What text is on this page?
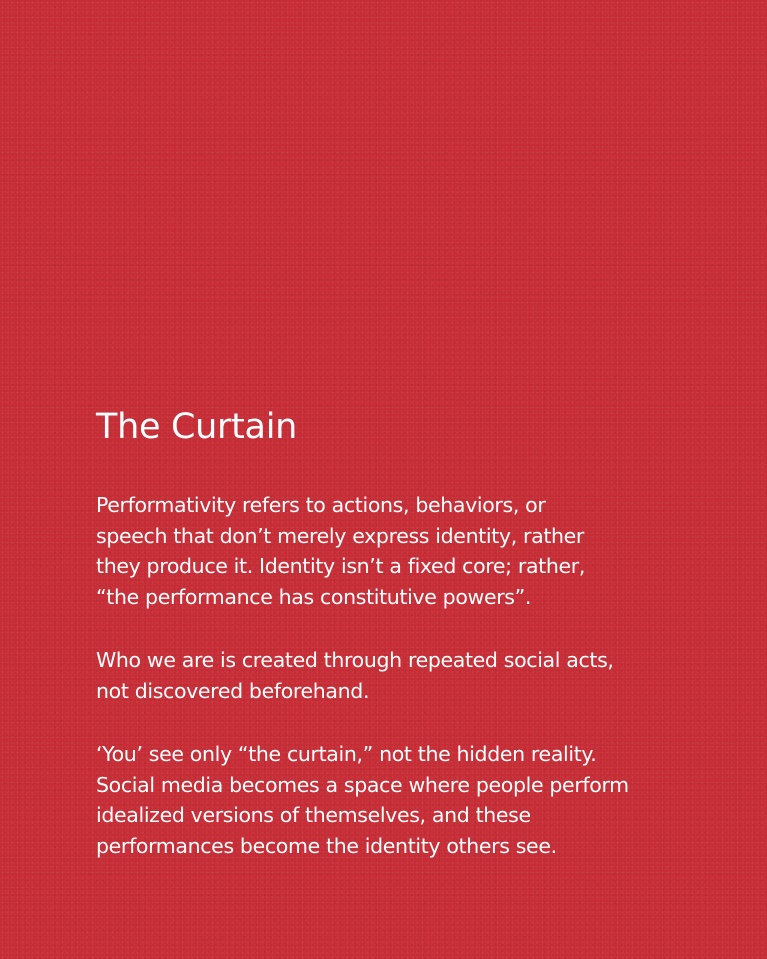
The Curtain

Performativity refers to actions, behaviors, or
speech that don’t merely express identity, rather
they produce it. Identity isn’t a fixed core; rather,
“the performance has constitutive powers”.

Who we are is created through repeated social acts,
not discovered beforehand.

‘You’ see only “the curtain,” not the hidden reality.
Social media becomes a space where people perform
idealized versions of themselves, and these
performances become the identity others see.
